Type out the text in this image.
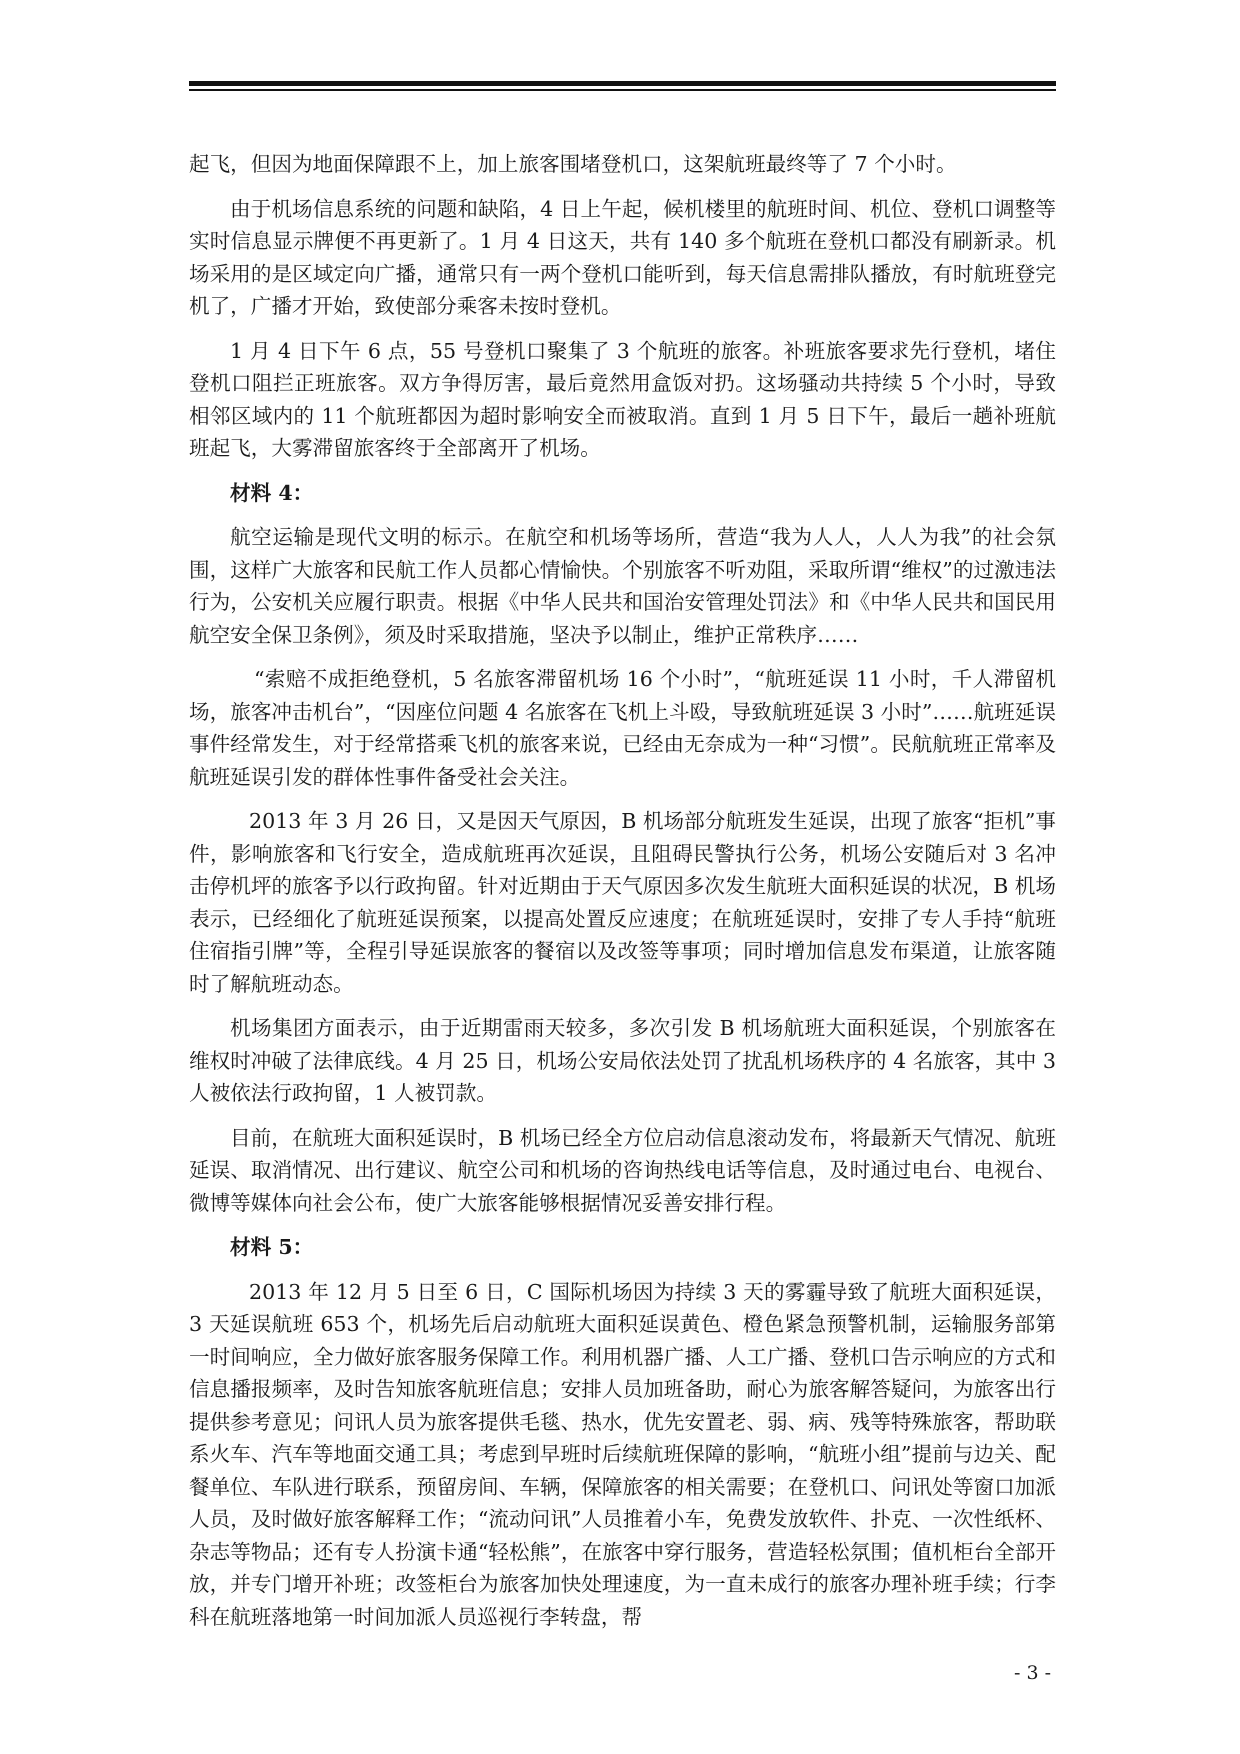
起飞，但因为地面保障跟不上，加上旅客围堵登机口，这架航班最终等了 7 个小时。

由于机场信息系统的问题和缺陷，4 日上午起，候机楼里的航班时间、机位、登机口调整等实时信息显示牌便不再更新了。1 月 4 日这天，共有 140 多个航班在登机口都没有刷新录。机场采用的是区域定向广播，通常只有一两个登机口能听到，每天信息需排队播放，有时航班登完机了，广播才开始，致使部分乘客未按时登机。

1 月 4 日下午 6 点，55 号登机口聚集了 3 个航班的旅客。补班旅客要求先行登机，堵住登机口阻拦正班旅客。双方争得厉害，最后竟然用盒饭对扔。这场骚动共持续 5 个小时，导致相邻区域内的 11 个航班都因为超时影响安全而被取消。直到 1 月 5 日下午，最后一趟补班航班起飞，大雾滞留旅客终于全部离开了机场。

材料 4：

航空运输是现代文明的标示。在航空和机场等场所，营造“我为人人，人人为我”的社会氛围，这样广大旅客和民航工作人员都心情愉快。个别旅客不听劝阻，采取所谓“维权”的过激违法行为，公安机关应履行职责。根据《中华人民共和国治安管理处罚法》和《中华人民共和国民用航空安全保卫条例》，须及时采取措施，坚决予以制止，维护正常秩序……

“索赔不成拒绝登机，5 名旅客滞留机场 16 个小时”，“航班延误 11 小时，千人滞留机场，旅客冲击机台”，“因座位问题 4 名旅客在飞机上斗殴，导致航班延误 3 小时”……航班延误事件经常发生，对于经常搭乘飞机的旅客来说，已经由无奈成为一种“习惯”。民航航班正常率及航班延误引发的群体性事件备受社会关注。

2013 年 3 月 26 日，又是因天气原因，B 机场部分航班发生延误，出现了旅客“拒机”事件，影响旅客和飞行安全，造成航班再次延误，且阻碍民警执行公务，机场公安随后对 3 名冲击停机坪的旅客予以行政拘留。针对近期由于天气原因多次发生航班大面积延误的状况，B 机场表示，已经细化了航班延误预案，以提高处置反应速度；在航班延误时，安排了专人手持“航班住宿指引牌”等，全程引导延误旅客的餐宿以及改签等事项；同时增加信息发布渠道，让旅客随时了解航班动态。

机场集团方面表示，由于近期雷雨天较多，多次引发 B 机场航班大面积延误，个别旅客在维权时冲破了法律底线。4 月 25 日，机场公安局依法处罚了扰乱机场秩序的 4 名旅客，其中 3 人被依法行政拘留，1 人被罚款。

目前，在航班大面积延误时，B 机场已经全方位启动信息滚动发布，将最新天气情况、航班延误、取消情况、出行建议、航空公司和机场的咨询热线电话等信息，及时通过电台、电视台、微博等媒体向社会公布，使广大旅客能够根据情况妥善安排行程。

材料 5：

2013 年 12 月 5 日至 6 日，C 国际机场因为持续 3 天的雾霾导致了航班大面积延误，3 天延误航班 653 个，机场先后启动航班大面积延误黄色、橙色紧急预警机制，运输服务部第一时间响应，全力做好旅客服务保障工作。利用机器广播、人工广播、登机口告示响应的方式和信息播报频率，及时告知旅客航班信息；安排人员加班备助，耐心为旅客解答疑问，为旅客出行提供参考意见；问讯人员为旅客提供毛毯、热水，优先安置老、弱、病、残等特殊旅客，帮助联系火车、汽车等地面交通工具；考虑到早班时后续航班保障的影响，“航班小组”提前与边关、配餐单位、车队进行联系，预留房间、车辆，保障旅客的相关需要；在登机口、问讯处等窗口加派人员，及时做好旅客解释工作；“流动问讯”人员推着小车，免费发放软件、扑克、一次性纸杯、杂志等物品；还有专人扮演卡通“轻松熊”，在旅客中穿行服务，营造轻松氛围；值机柜台全部开放，并专门增开补班；改签柜台为旅客加快处理速度，为一直未成行的旅客办理补班手续；行李科在航班落地第一时间加派人员巡视行李转盘，帮

- 3 -
